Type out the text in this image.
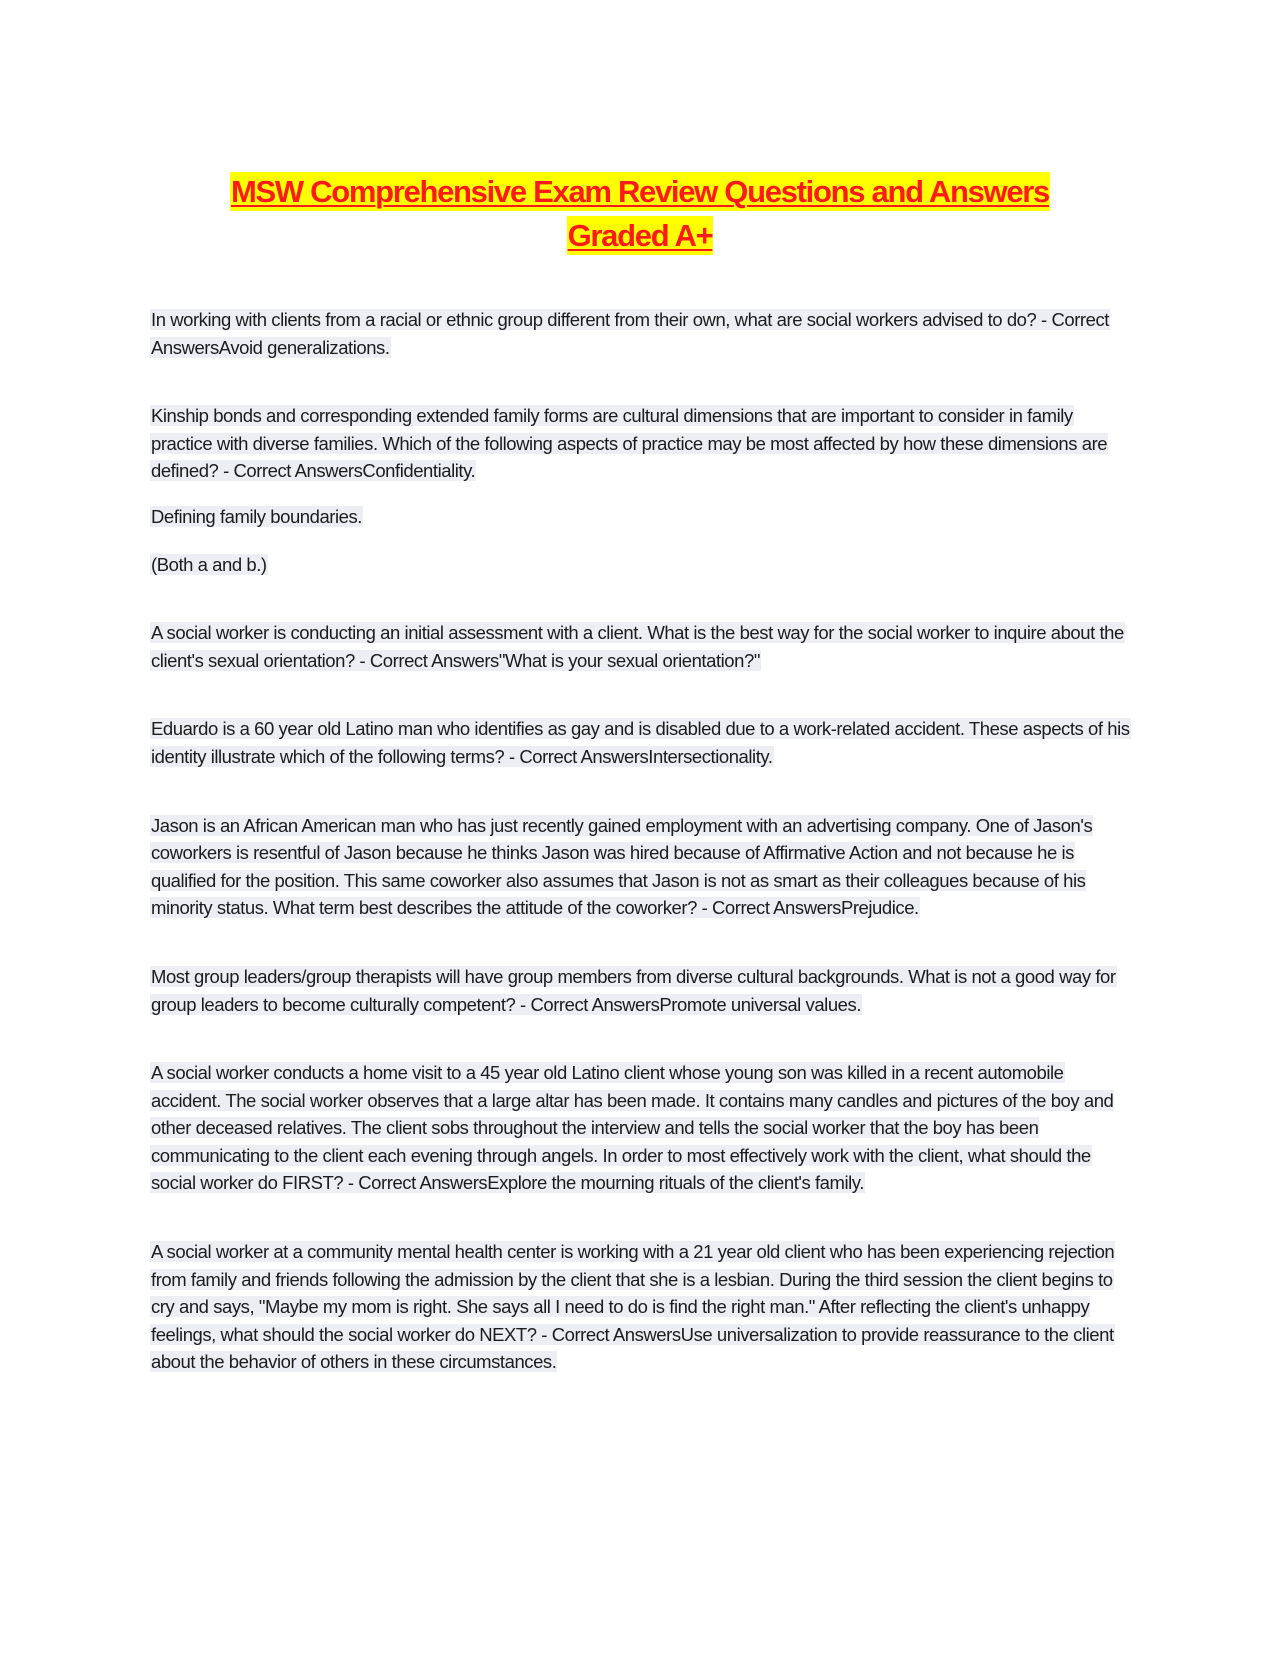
MSW Comprehensive Exam Review Questions and Answers
Graded A+

In working with clients from a racial or ethnic group different from their own, what are social workers advised to do? - Correct AnswersAvoid generalizations.

Kinship bonds and corresponding extended family forms are cultural dimensions that are important to consider in family practice with diverse families. Which of the following aspects of practice may be most affected by how these dimensions are defined? - Correct AnswersConfidentiality.

Defining family boundaries.

(Both a and b.)

A social worker is conducting an initial assessment with a client. What is the best way for the social worker to inquire about the client's sexual orientation? - Correct Answers"What is your sexual orientation?"

Eduardo is a 60 year old Latino man who identifies as gay and is disabled due to a work-related accident. These aspects of his identity illustrate which of the following terms? - Correct AnswersIntersectionality.

Jason is an African American man who has just recently gained employment with an advertising company. One of Jason's coworkers is resentful of Jason because he thinks Jason was hired because of Affirmative Action and not because he is qualified for the position. This same coworker also assumes that Jason is not as smart as their colleagues because of his minority status. What term best describes the attitude of the coworker? - Correct AnswersPrejudice.

Most group leaders/group therapists will have group members from diverse cultural backgrounds. What is not a good way for group leaders to become culturally competent? - Correct AnswersPromote universal values.

A social worker conducts a home visit to a 45 year old Latino client whose young son was killed in a recent automobile accident. The social worker observes that a large altar has been made. It contains many candles and pictures of the boy and other deceased relatives. The client sobs throughout the interview and tells the social worker that the boy has been communicating to the client each evening through angels. In order to most effectively work with the client, what should the social worker do FIRST? - Correct AnswersExplore the mourning rituals of the client's family.

A social worker at a community mental health center is working with a 21 year old client who has been experiencing rejection from family and friends following the admission by the client that she is a lesbian. During the third session the client begins to cry and says, "Maybe my mom is right. She says all I need to do is find the right man." After reflecting the client's unhappy feelings, what should the social worker do NEXT? - Correct AnswersUse universalization to provide reassurance to the client about the behavior of others in these circumstances.
